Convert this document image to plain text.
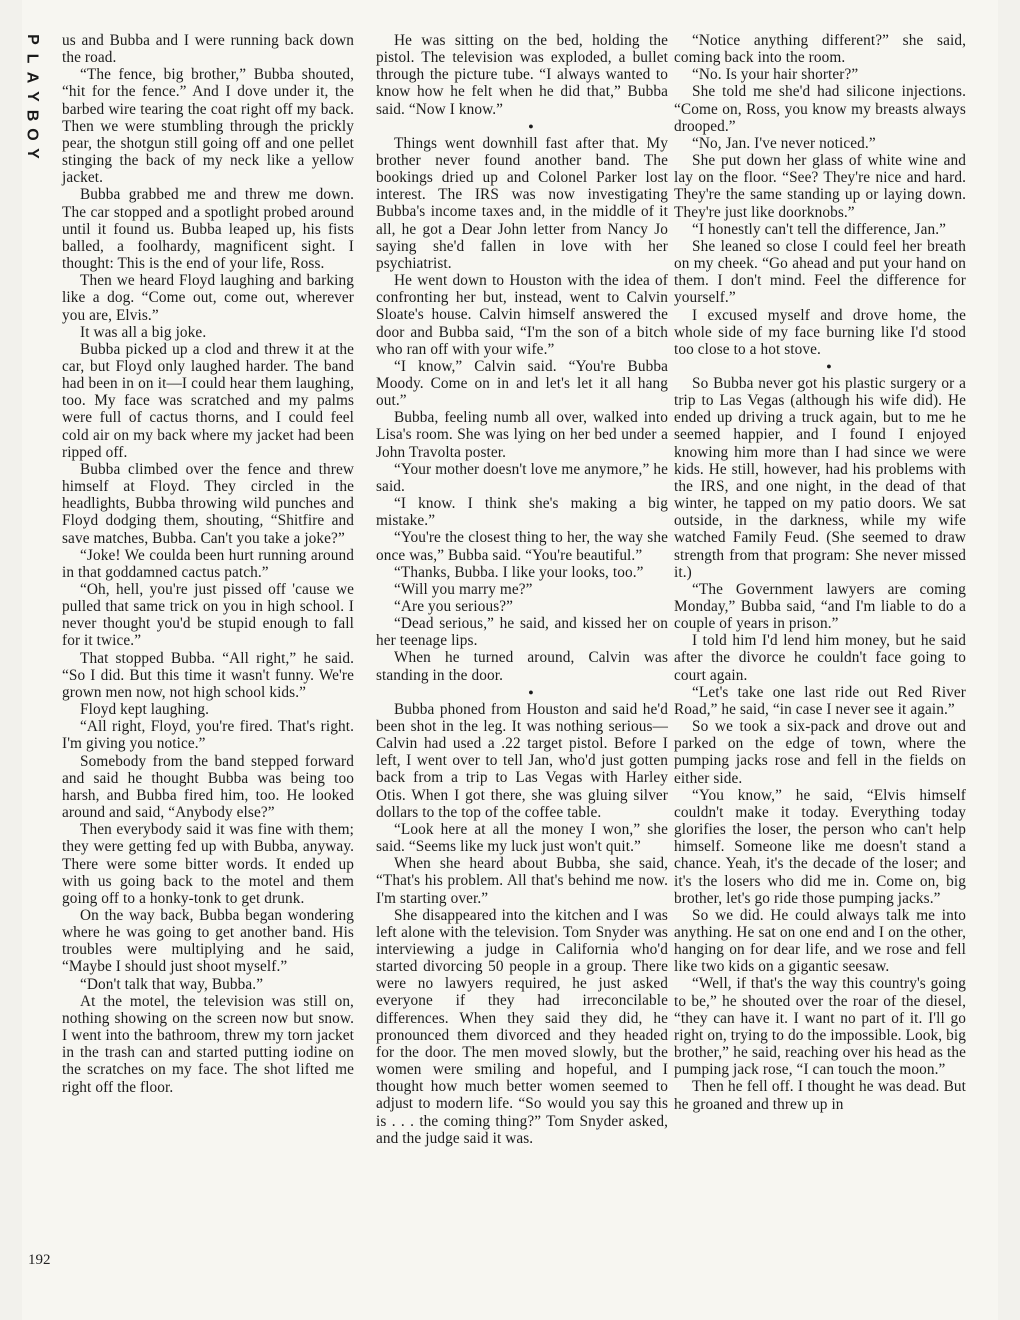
P
L
A
Y
B
O
Y

us and Bubba and I were running back down the road.

“The fence, big brother,” Bubba shouted, “hit for the fence.” And I dove under it, the barbed wire tearing the coat right off my back. Then we were stumbling through the prickly pear, the shotgun still going off and one pellet stinging the back of my neck like a yellow jacket.

Bubba grabbed me and threw me down. The car stopped and a spotlight probed around until it found us. Bubba leaped up, his fists balled, a foolhardy, magnificent sight. I thought: This is the end of your life, Ross.

Then we heard Floyd laughing and barking like a dog. “Come out, come out, wherever you are, Elvis.”

It was all a big joke.

Bubba picked up a clod and threw it at the car, but Floyd only laughed harder. The band had been in on it—I could hear them laughing, too. My face was scratched and my palms were full of cactus thorns, and I could feel cold air on my back where my jacket had been ripped off.

Bubba climbed over the fence and threw himself at Floyd. They circled in the headlights, Bubba throwing wild punches and Floyd dodging them, shouting, “Shitfire and save matches, Bubba. Can't you take a joke?”

“Joke! We coulda been hurt running around in that goddamned cactus patch.”

“Oh, hell, you're just pissed off 'cause we pulled that same trick on you in high school. I never thought you'd be stupid enough to fall for it twice.”

That stopped Bubba. “All right,” he said. “So I did. But this time it wasn't funny. We're grown men now, not high school kids.”

Floyd kept laughing.

“All right, Floyd, you're fired. That's right. I'm giving you notice.”

Somebody from the band stepped forward and said he thought Bubba was being too harsh, and Bubba fired him, too. He looked around and said, “Anybody else?”

Then everybody said it was fine with them; they were getting fed up with Bubba, anyway. There were some bitter words. It ended up with us going back to the motel and them going off to a honky-tonk to get drunk.

On the way back, Bubba began wondering where he was going to get another band. His troubles were multiplying and he said, “Maybe I should just shoot myself.”

“Don't talk that way, Bubba.”

At the motel, the television was still on, nothing showing on the screen now but snow. I went into the bathroom, threw my torn jacket in the trash can and started putting iodine on the scratches on my face. The shot lifted me right off the floor.

He was sitting on the bed, holding the pistol. The television was exploded, a bullet through the picture tube. “I always wanted to know how he felt when he did that,” Bubba said. “Now I know.”

●

Things went downhill fast after that. My brother never found another band. The bookings dried up and Colonel Parker lost interest. The IRS was now investigating Bubba's income taxes and, in the middle of it all, he got a Dear John letter from Nancy Jo saying she'd fallen in love with her psychiatrist.

He went down to Houston with the idea of confronting her but, instead, went to Calvin Sloate's house. Calvin himself answered the door and Bubba said, “I'm the son of a bitch who ran off with your wife.”

“I know,” Calvin said. “You're Bubba Moody. Come on in and let's let it all hang out.”

Bubba, feeling numb all over, walked into Lisa's room. She was lying on her bed under a John Travolta poster.

“Your mother doesn't love me anymore,” he said.

“I know. I think she's making a big mistake.”

“You're the closest thing to her, the way she once was,” Bubba said. “You're beautiful.”

“Thanks, Bubba. I like your looks, too.”

“Will you marry me?”

“Are you serious?”

“Dead serious,” he said, and kissed her on her teenage lips.

When he turned around, Calvin was standing in the door.

●

Bubba phoned from Houston and said he'd been shot in the leg. It was nothing serious—Calvin had used a .22 target pistol. Before I left, I went over to tell Jan, who'd just gotten back from a trip to Las Vegas with Harley Otis. When I got there, she was gluing silver dollars to the top of the coffee table.

“Look here at all the money I won,” she said. “Seems like my luck just won't quit.”

When she heard about Bubba, she said, “That's his problem. All that's behind me now. I'm starting over.”

She disappeared into the kitchen and I was left alone with the television. Tom Snyder was interviewing a judge in California who'd started divorcing 50 people in a group. There were no lawyers required, he just asked everyone if they had irreconcilable differences. When they said they did, he pronounced them divorced and they headed for the door. The men moved slowly, but the women were smiling and hopeful, and I thought how much better women seemed to adjust to modern life. “So would you say this is . . . the coming thing?” Tom Snyder asked, and the judge said it was.

“Notice anything different?” she said, coming back into the room.

“No. Is your hair shorter?”

She told me she'd had silicone injections. “Come on, Ross, you know my breasts always drooped.”

“No, Jan. I've never noticed.”

She put down her glass of white wine and lay on the floor. “See? They're nice and hard. They're the same standing up or laying down. They're just like doorknobs.”

“I honestly can't tell the difference, Jan.”

She leaned so close I could feel her breath on my cheek. “Go ahead and put your hand on them. I don't mind. Feel the difference for yourself.”

I excused myself and drove home, the whole side of my face burning like I'd stood too close to a hot stove.

●

So Bubba never got his plastic surgery or a trip to Las Vegas (although his wife did). He ended up driving a truck again, but to me he seemed happier, and I found I enjoyed knowing him more than I had since we were kids. He still, however, had his problems with the IRS, and one night, in the dead of that winter, he tapped on my patio doors. We sat outside, in the darkness, while my wife watched Family Feud. (She seemed to draw strength from that program: She never missed it.)

“The Government lawyers are coming Monday,” Bubba said, “and I'm liable to do a couple of years in prison.”

I told him I'd lend him money, but he said after the divorce he couldn't face going to court again.

“Let's take one last ride out Red River Road,” he said, “in case I never see it again.”

So we took a six-pack and drove out and parked on the edge of town, where the pumping jacks rose and fell in the fields on either side.

“You know,” he said, “Elvis himself couldn't make it today. Everything today glorifies the loser, the person who can't help himself. Someone like me doesn't stand a chance. Yeah, it's the decade of the loser; and it's the losers who did me in. Come on, big brother, let's go ride those pumping jacks.”

So we did. He could always talk me into anything. He sat on one end and I on the other, hanging on for dear life, and we rose and fell like two kids on a gigantic seesaw.

“Well, if that's the way this country's going to be,” he shouted over the roar of the diesel, “they can have it. I want no part of it. I'll go right on, trying to do the impossible. Look, big brother,” he said, reaching over his head as the pumping jack rose, “I can touch the moon.”

Then he fell off. I thought he was dead. But he groaned and threw up in

192
